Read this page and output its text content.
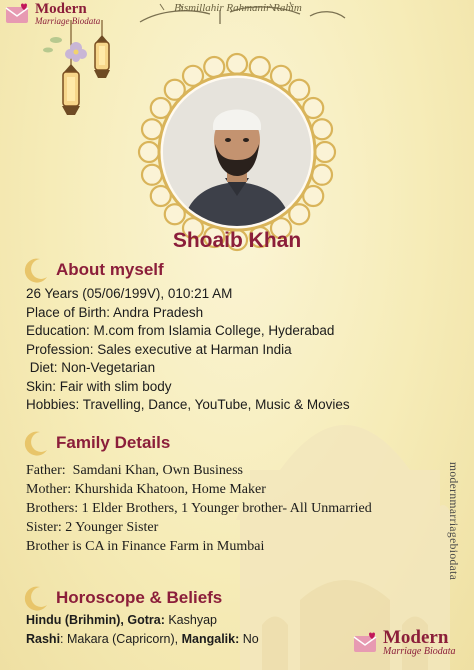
Modern
Marriage Biodata
Bismillahir Rahmanir Rahim
Shoaib Khan
About myself
26 Years (05/06/199V), 010:21 AM
Place of Birth: Andra Pradesh
Education: M.com from Islamia College, Hyderabad
Profession: Sales executive at Harman India
Diet: Non-Vegetarian
Skin: Fair with slim body
Hobbies: Travelling, Dance, YouTube, Music & Movies
Family Details
Father:  Samdani Khan, Own Business
Mother: Khurshida Khatoon, Home Maker
Brothers: 1 Elder Brothers, 1 Younger brother- All Unmarried
Sister: 2 Younger Sister
Brother is CA in Finance Farm in Mumbai
Horoscope & Beliefs
Hindu (Brihmin), Gotra: Kashyap
Rashi: Makara (Capricorn), Mangalik: No
modernmarriagebiodata
Modern
Marriage Biodata
